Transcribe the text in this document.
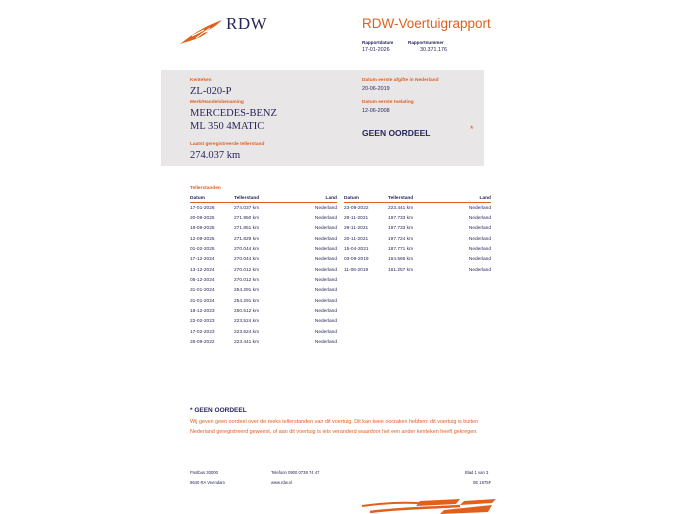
RDW	RDW-Voertuigrapport
Rapportdatum
17-01-2026
Rapportnummer
30.371.176
Kenteken
ZL-020-P
Merk/Handelsbenaming
MERCEDES-BENZ
ML 350 4MATIC
Laatst geregistreerde tellerstand
274.037 km
Datum eerste afgifte in Nederland
20-06-2019
Datum eerste toelating
12-06-2008
GEEN OORDEEL	*
Tellerstanden
Datum	Tellerstand	Land
17-01-2026	274.037 km	Nederland
20-09-2025	271.950 km	Nederland
19-09-2025	271.851 km	Nederland
12-09-2025	271.829 km	Nederland
01-02-2025	270.044 km	Nederland
17-12-2024	270.044 km	Nederland
13-12-2024	270.012 km	Nederland
05-12-2024	270.012 km	Nederland
31-01-2024	254.291 km	Nederland
31-01-2024	254.291 km	Nederland
18-12-2023	250.512 km	Nederland
22-02-2023	223.524 km	Nederland
17-02-2023	223.524 km	Nederland
26-09-2022	223.441 km	Nederland
Datum	Tellerstand	Land
23-09-2022	223.441 km	Nederland
29-11-2021	197.733 km	Nederland
29-11-2021	197.733 km	Nederland
20-11-2021	197.724 km	Nederland
15-04-2021	187.771 km	Nederland
03-09-2019	164.566 km	Nederland
11-06-2019	161.257 km	Nederland
* GEEN OORDEEL
Wij geven geen oordeel over de reeks tellerstanden van dit voertuig. Dit kan twee oorzaken hebben: dit voertuig is buiten Nederland geregistreerd geweest, of aan dit voertuig is iets veranderd waardoor het een ander kenteken heeft gekregen.
Postbus 30000
9640 RA Veendam
Telefoon 0900 0739 74 47
www.rdw.nl
Blad 1 van 3
0E 1975F
